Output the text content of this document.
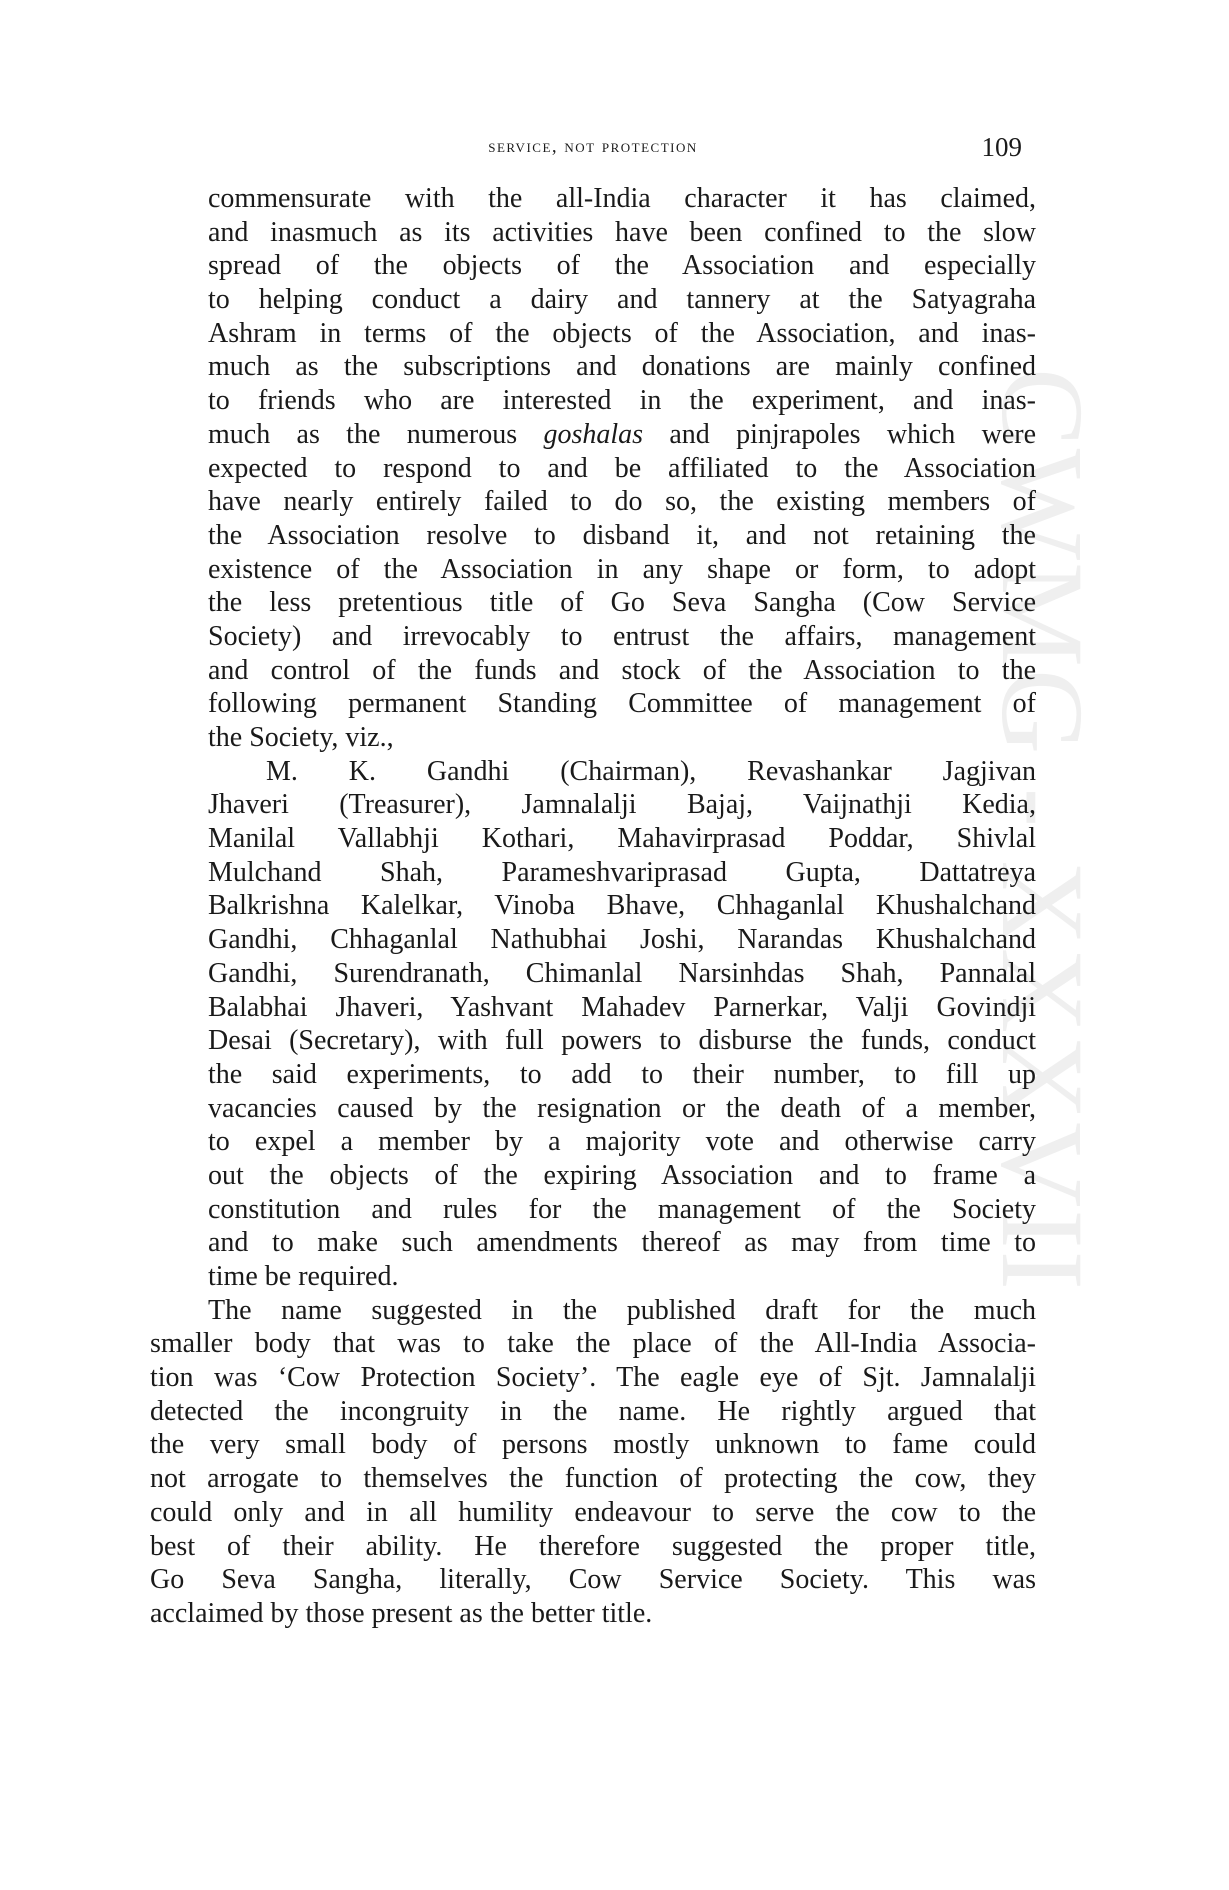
CWMG - XXXVII
service, not protection	109
commensurate with the all-India character it has claimed,
and inasmuch as its activities have been confined to the slow
spread of the objects of the Association and especially
to helping conduct a dairy and tannery at the Satyagraha
Ashram in terms of the objects of the Association, and inas-
much as the subscriptions and donations are mainly confined
to friends who are interested in the experiment, and inas-
much as the numerous goshalas and pinjrapoles which were
expected to respond to and be affiliated to the Association
have nearly entirely failed to do so, the existing members of
the Association resolve to disband it, and not retaining the
existence of the Association in any shape or form, to adopt
the less pretentious title of Go Seva Sangha (Cow Service
Society) and irrevocably to entrust the affairs, management
and control of the funds and stock of the Association to the
following permanent Standing Committee of management of
the Society, viz.,
M. K. Gandhi (Chairman), Revashankar Jagjivan
Jhaveri (Treasurer), Jamnalalji Bajaj, Vaijnathji Kedia,
Manilal Vallabhji Kothari, Mahavirprasad Poddar, Shivlal
Mulchand Shah, Parameshvariprasad Gupta, Dattatreya
Balkrishna Kalelkar, Vinoba Bhave, Chhaganlal Khushalchand
Gandhi, Chhaganlal Nathubhai Joshi, Narandas Khushalchand
Gandhi, Surendranath, Chimanlal Narsinhdas Shah, Pannalal
Balabhai Jhaveri, Yashvant Mahadev Parnerkar, Valji Govindji
Desai (Secretary), with full powers to disburse the funds, conduct
the said experiments, to add to their number, to fill up
vacancies caused by the resignation or the death of a member,
to expel a member by a majority vote and otherwise carry
out the objects of the expiring Association and to frame a
constitution and rules for the management of the Society
and to make such amendments thereof as may from time to
time be required.
The name suggested in the published draft for the much
smaller body that was to take the place of the All-India Associa-
tion was ‘Cow Protection Society’. The eagle eye of Sjt. Jamnalalji
detected the incongruity in the name. He rightly argued that
the very small body of persons mostly unknown to fame could
not arrogate to themselves the function of protecting the cow, they
could only and in all humility endeavour to serve the cow to the
best of their ability. He therefore suggested the proper title,
Go Seva Sangha, literally, Cow Service Society. This was
acclaimed by those present as the better title.
